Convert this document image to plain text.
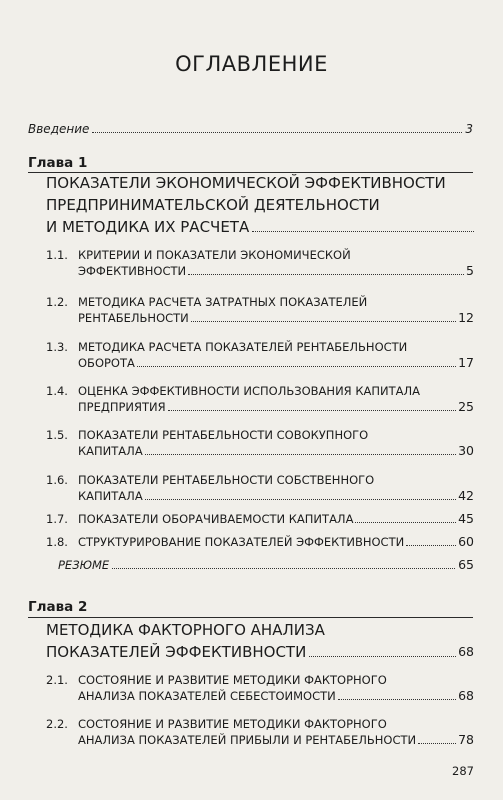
ОГЛАВЛЕНИЕ
Введение	3
Глава 1
ПОКАЗАТЕЛИ ЭКОНОМИЧЕСКОЙ ЭФФЕКТИВНОСТИ
ПРЕДПРИНИМАТЕЛЬСКОЙ ДЕЯТЕЛЬНОСТИ
И МЕТОДИКА ИХ РАСЧЕТА
1.1. КРИТЕРИИ И ПОКАЗАТЕЛИ ЭКОНОМИЧЕСКОЙ
ЭФФЕКТИВНОСТИ	5
1.2. МЕТОДИКА РАСЧЕТА ЗАТРАТНЫХ ПОКАЗАТЕЛЕЙ
РЕНТАБЕЛЬНОСТИ	12
1.3. МЕТОДИКА РАСЧЕТА ПОКАЗАТЕЛЕЙ РЕНТАБЕЛЬНОСТИ
ОБОРОТА	17
1.4. ОЦЕНКА ЭФФЕКТИВНОСТИ ИСПОЛЬЗОВАНИЯ КАПИТАЛА
ПРЕДПРИЯТИЯ	25
1.5. ПОКАЗАТЕЛИ РЕНТАБЕЛЬНОСТИ СОВОКУПНОГО
КАПИТАЛА	30
1.6. ПОКАЗАТЕЛИ РЕНТАБЕЛЬНОСТИ СОБСТВЕННОГО
КАПИТАЛА	42
1.7. ПОКАЗАТЕЛИ ОБОРАЧИВАЕМОСТИ КАПИТАЛА	45
1.8. СТРУКТУРИРОВАНИЕ ПОКАЗАТЕЛЕЙ ЭФФЕКТИВНОСТИ	60
РЕЗЮМЕ	65
Глава 2
МЕТОДИКА ФАКТОРНОГО АНАЛИЗА
ПОКАЗАТЕЛЕЙ ЭФФЕКТИВНОСТИ	68
2.1. СОСТОЯНИЕ И РАЗВИТИЕ МЕТОДИКИ ФАКТОРНОГО
АНАЛИЗА ПОКАЗАТЕЛЕЙ СЕБЕСТОИМОСТИ	68
2.2. СОСТОЯНИЕ И РАЗВИТИЕ МЕТОДИКИ ФАКТОРНОГО
АНАЛИЗА ПОКАЗАТЕЛЕЙ ПРИБЫЛИ И РЕНТАБЕЛЬНОСТИ	78
287
